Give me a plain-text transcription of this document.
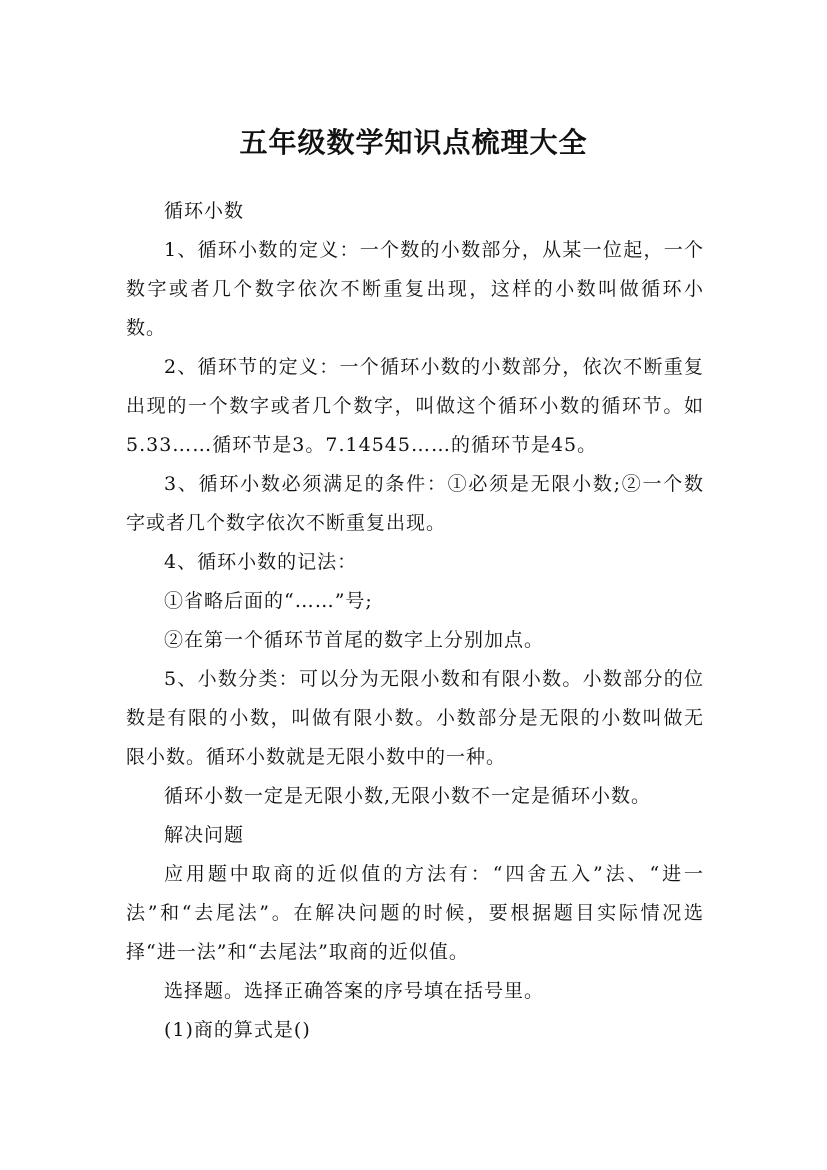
五年级数学知识点梳理大全

循环小数

1、循环小数的定义：一个数的小数部分，从某一位起，一个数字或者几个数字依次不断重复出现，这样的小数叫做循环小数。

2、循环节的定义：一个循环小数的小数部分，依次不断重复出现的一个数字或者几个数字，叫做这个循环小数的循环节。如5.33……循环节是3。7.14545……的循环节是45。

3、循环小数必须满足的条件：①必须是无限小数;②一个数字或者几个数字依次不断重复出现。

4、循环小数的记法：

①省略后面的“……”号;

②在第一个循环节首尾的数字上分别加点。

5、小数分类：可以分为无限小数和有限小数。小数部分的位数是有限的小数，叫做有限小数。小数部分是无限的小数叫做无限小数。循环小数就是无限小数中的一种。

循环小数一定是无限小数,无限小数不一定是循环小数。

解决问题

应用题中取商的近似值的方法有：“四舍五入”法、“进一法”和“去尾法”。在解决问题的时候，要根据题目实际情况选择“进一法”和“去尾法”取商的近似值。

选择题。选择正确答案的序号填在括号里。

(1)商的算式是()
